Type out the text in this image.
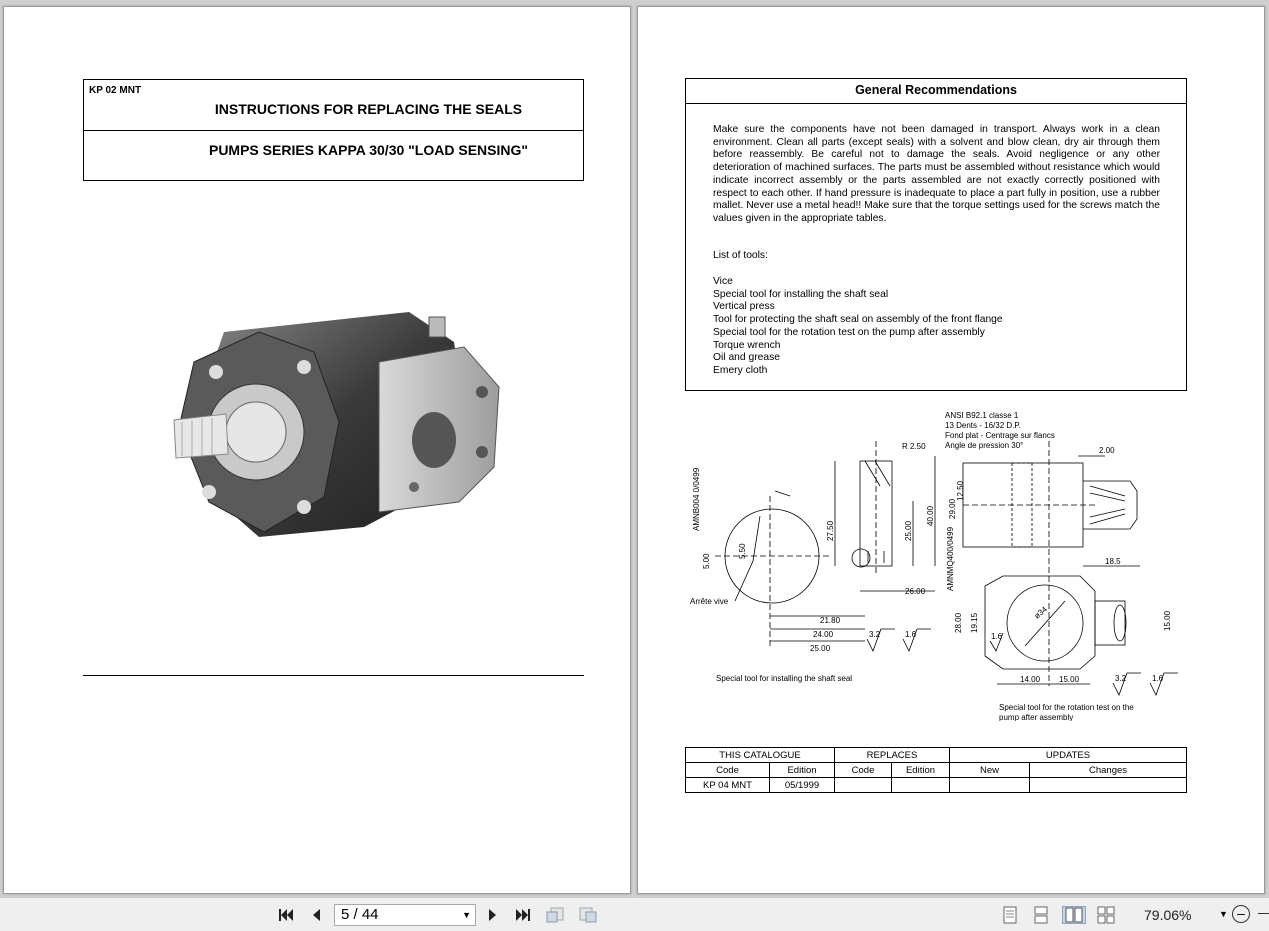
KP 02 MNT
INSTRUCTIONS FOR REPLACING THE SEALS
PUMPS SERIES KAPPA 30/30 "LOAD SENSING"
General Recommendations
Make sure the components have not been damaged in transport. Always work in a clean environment. Clean all parts (except seals) with a solvent and blow clean, dry air through them before reassembly. Be careful not to damage the seals. Avoid negligence or any other deterioration of machined surfaces. The parts must be assembled without resistance which would indicate incorrect assembly or the parts assembled are not exactly correctly positioned with respect to each other. If hand pressure is inadequate to place a part fully in position, use a rubber mallet. Never use a metal head!! Make sure that the torque settings used for the screws match the values given in the appropriate tables.
List of tools:
Vice
Special tool for installing the shaft seal
Vertical press
Tool for protecting the shaft seal on assembly of the front flange
Special tool for the rotation test on the pump after assembly
Torque wrench
Oil and grease
Emery cloth
ANSI B92.1 classe 1
13 Dents - 16/32 D.P.
Fond plat - Centrage sur flancs
Angle de pression 30°
AMNB004 0/0499
5.00
5.50
Arrête vive
21.80
24.00
25.00
27.50	25.00
40.00
R 2.50
26.00
3.2	1.6
2.00
18.5
12.50
29.00
AMNMQ400/0499
ø34
28.00 19.15	15.00
14.00 15.00
1.6
3.2	1.6
Special tool for installing the shaft seal
Special tool for the rotation test on the
pump after assembly
THIS CATALOGUE		REPLACES		UPDATES	
Code	Edition	Code	Edition	New	Changes
KP 04 MNT	05/1999				
5 / 44	▼	79.06%	▼ –
